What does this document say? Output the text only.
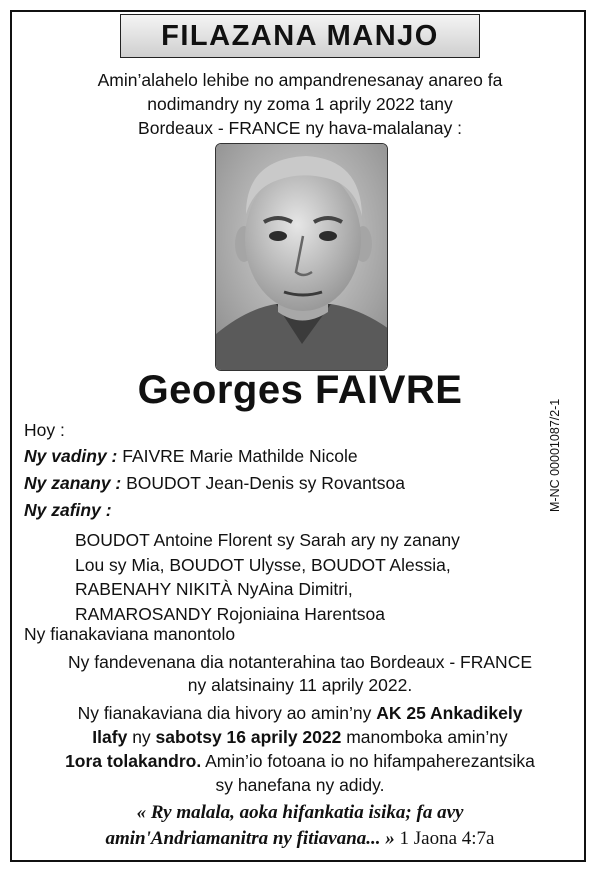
FILAZANA MANJO
Amin’alahelo lehibe no ampandrenesanay anareo fa
nodimandry ny zoma 1 aprily 2022 tany
Bordeaux - FRANCE ny hava-malalanay :
Georges FAIVRE
M-NC 00001087/2-1
Hoy :
Ny vadiny : FAIVRE Marie Mathilde Nicole
Ny zanany : BOUDOT Jean-Denis sy Rovantsoa
Ny zafiny :
BOUDOT Antoine Florent sy Sarah ary ny zanany
Lou sy Mia, BOUDOT Ulysse, BOUDOT Alessia,
RABENAHY NIKITÀ NyAina Dimitri,
RAMAROSANDY Rojoniaina Harentsoa
Ny fianakaviana manontolo
Ny fandevenana dia notanterahina tao Bordeaux - FRANCE
ny alatsinainy 11 aprily 2022.
Ny fianakaviana dia hivory ao amin’ny AK 25 Ankadikely
Ilafy ny sabotsy 16 aprily 2022 manomboka amin’ny
1ora tolakandro. Amin’io fotoana io no hifampaherezantsika
sy hanefana ny adidy.
« Ry malala, aoka hifankatia isika; fa avy
amin'Andriamanitra ny fitiavana... » 1 Jaona 4:7a
